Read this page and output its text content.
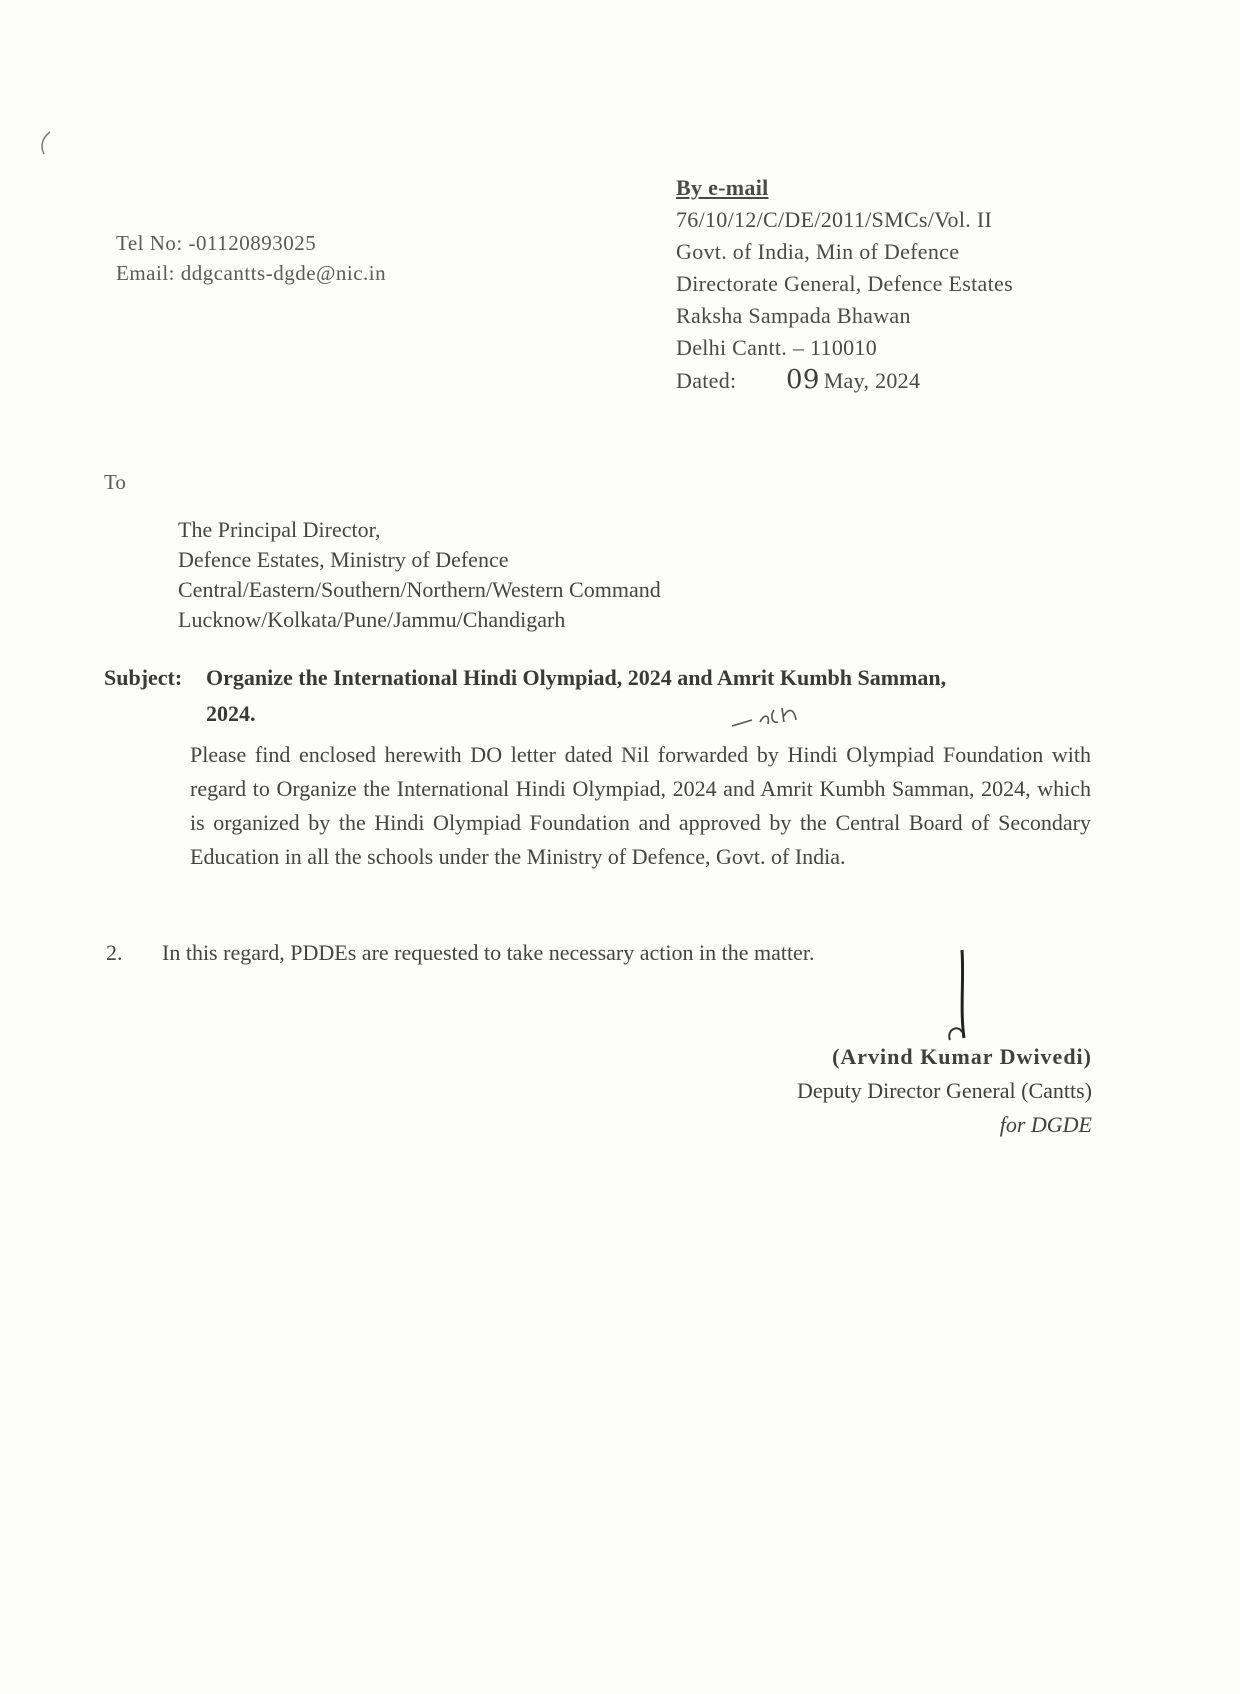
Tel No: -01120893025
Email: ddgcantts-dgde@nic.in
By e-mail
76/10/12/C/DE/2011/SMCs/Vol. II
Govt. of India, Min of Defence
Directorate General, Defence Estates
Raksha Sampada Bhawan
Delhi Cantt. – 110010
Dated:	09 May, 2024
To
The Principal Director,
Defence Estates, Ministry of Defence
Central/Eastern/Southern/Northern/Western Command
Lucknow/Kolkata/Pune/Jammu/Chandigarh
Subject: Organize the International Hindi Olympiad, 2024 and Amrit Kumbh Samman,
2024.
Please find enclosed herewith DO letter dated Nil forwarded by Hindi Olympiad Foundation with regard to Organize the International Hindi Olympiad, 2024 and Amrit Kumbh Samman, 2024, which is organized by the Hindi Olympiad Foundation and approved by the Central Board of Secondary Education in all the schools under the Ministry of Defence, Govt. of India.
2. In this regard, PDDEs are requested to take necessary action in the matter.
(Arvind Kumar Dwivedi)
Deputy Director General (Cantts)
for DGDE
